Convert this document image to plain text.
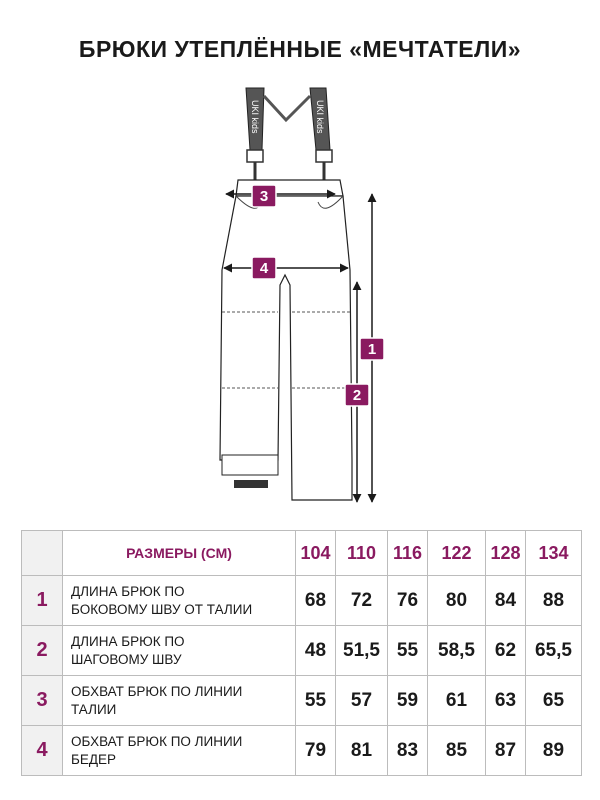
БРЮКИ УТЕПЛЁННЫЕ «МЕЧТАТЕЛИ»
UKI kids	UKI kids
3
4
1
2
	РАЗМЕРЫ (СМ)	104	110	116	122	128	134
1	ДЛИНА БРЮК ПО
БОКОВОМУ ШВУ ОТ ТАЛИИ	68	72	76	80	84	88
2	ДЛИНА БРЮК ПО
ШАГОВОМУ ШВУ	48	51,5	55	58,5	62	65,5
3	ОБХВАТ БРЮК ПО ЛИНИИ
ТАЛИИ	55	57	59	61	63	65
4	ОБХВАТ БРЮК ПО ЛИНИИ
БЕДЕР	79	81	83	85	87	89
